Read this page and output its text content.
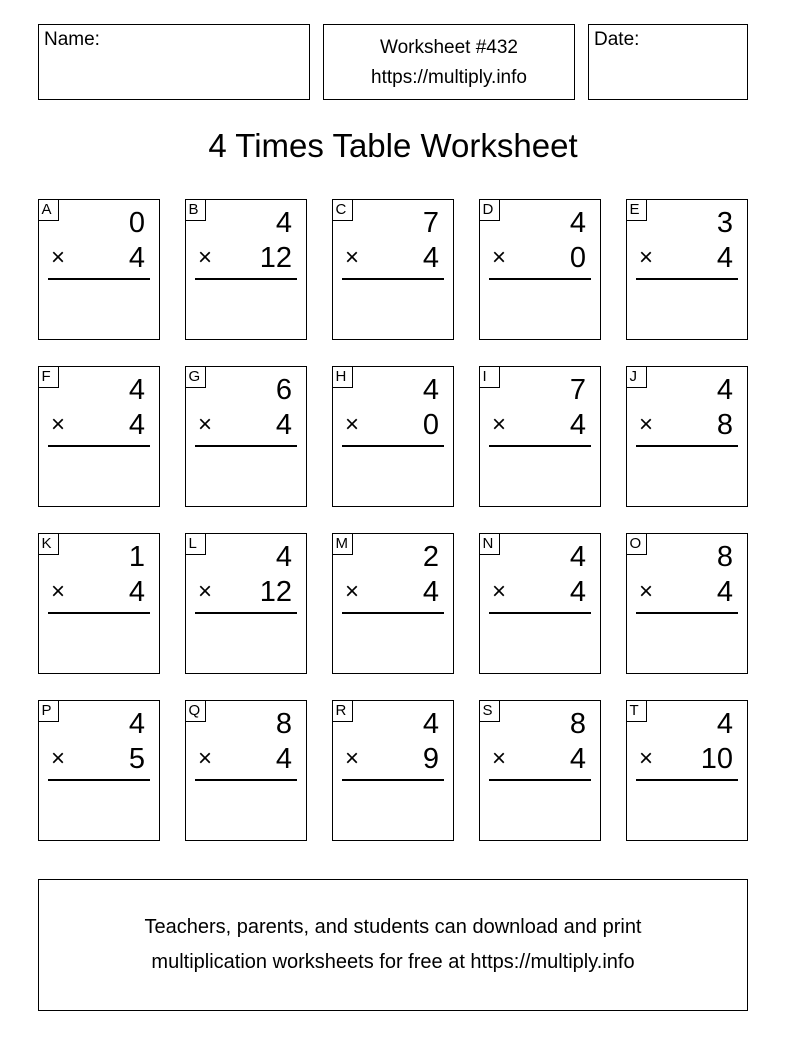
Name:	Worksheet #432
https://multiply.info
Date:
4 Times Table Worksheet
A	0
× 4
B	4
× 12
C	7
× 4
D	4
× 0
E	3
× 4
F	4
× 4
G	6
× 4
H	4
× 0
I	7
× 4
J	4
× 8
K	1
× 4
L	4
× 12
M	2
× 4
N	4
× 4
O	8
× 4
P	4
× 5
Q	8
× 4
R	4
× 9
S	8
× 4
T	4
× 10
Teachers, parents, and students can download and print
multiplication worksheets for free at https://multiply.info
